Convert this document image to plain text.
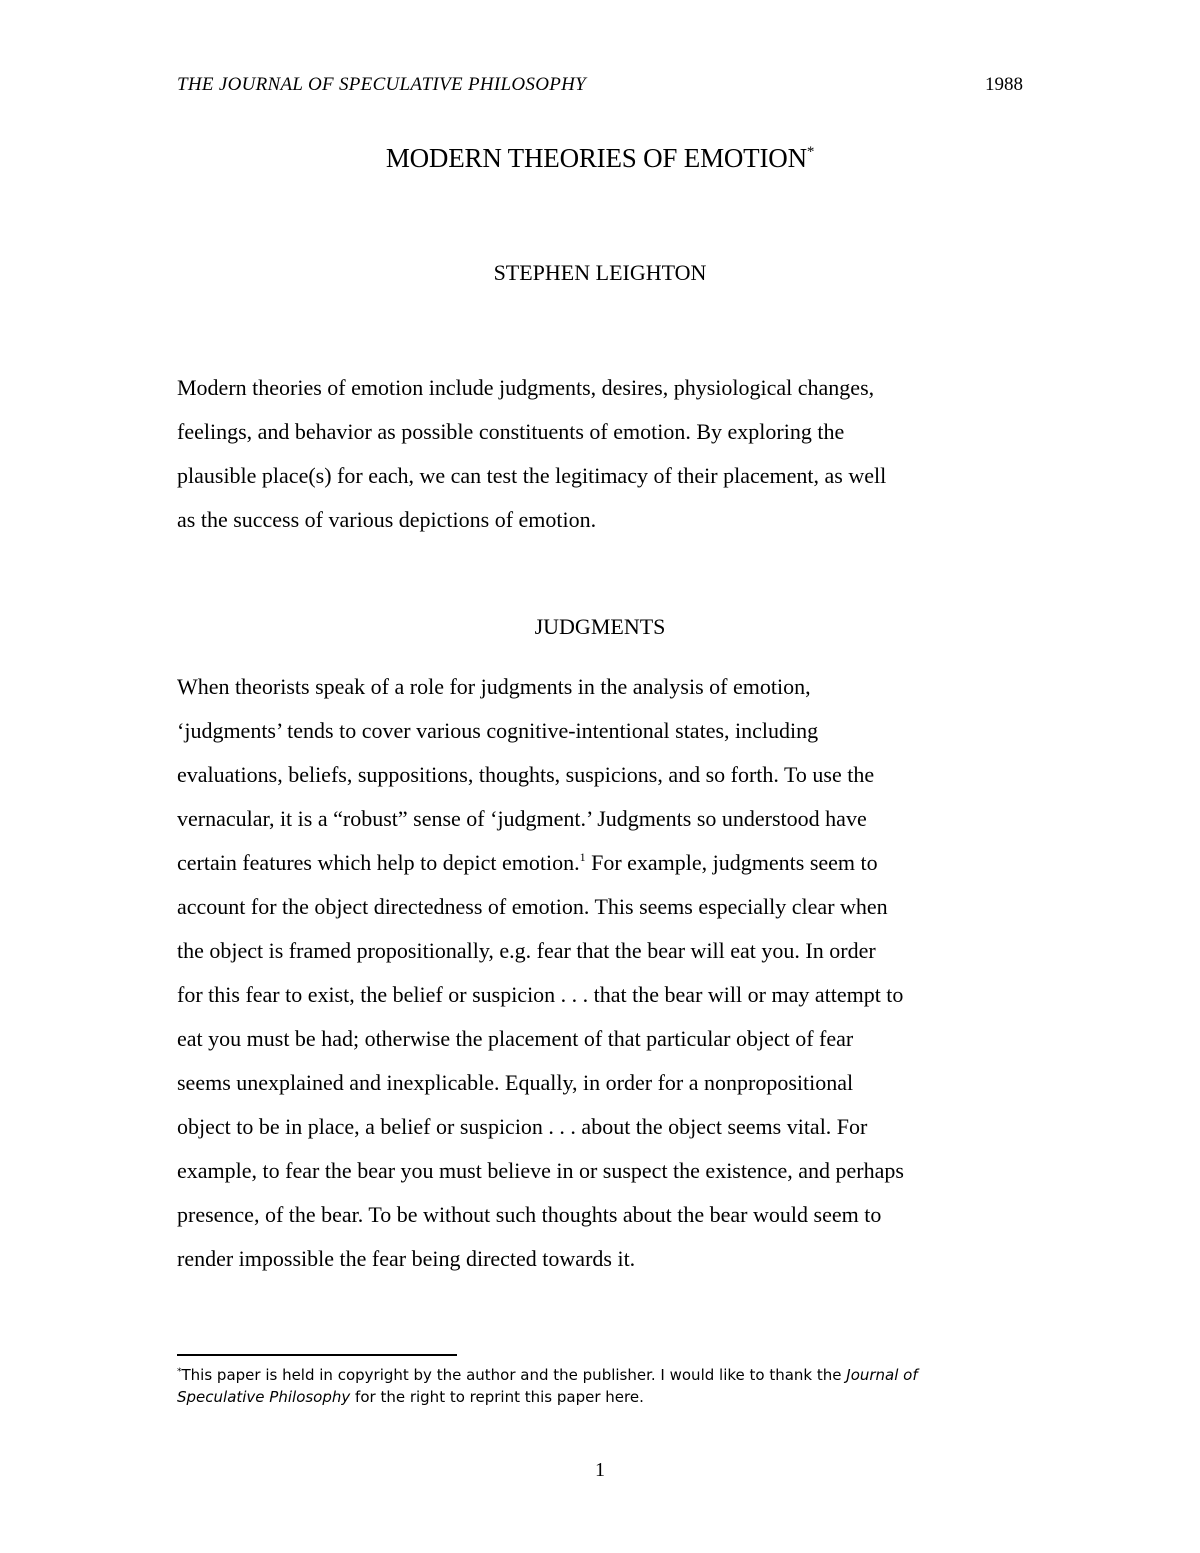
THE JOURNAL OF SPECULATIVE PHILOSOPHY	1988
MODERN THEORIES OF EMOTION*
STEPHEN LEIGHTON

Modern theories of emotion include judgments, desires, physiological changes,
feelings, and behavior as possible constituents of emotion. By exploring the
plausible place(s) for each, we can test the legitimacy of their placement, as well
as the success of various depictions of emotion.

JUDGMENTS

When theorists speak of a role for judgments in the analysis of emotion,
‘judgments’ tends to cover various cognitive-intentional states, including
evaluations, beliefs, suppositions, thoughts, suspicions, and so forth. To use the
vernacular, it is a “robust” sense of ‘judgment.’ Judgments so understood have
certain features which help to depict emotion.$^1$ For example, judgments seem to
account for the object directedness of emotion. This seems especially clear when
the object is framed propositionally, e.g. fear that the bear will eat you. In order
for this fear to exist, the belief or suspicion . . . that the bear will or may attempt to
eat you must be had; otherwise the placement of that particular object of fear
seems unexplained and inexplicable. Equally, in order for a nonpropositional
object to be in place, a belief or suspicion . . . about the object seems vital. For
example, to fear the bear you must believe in or suspect the existence, and perhaps
presence, of the bear. To be without such thoughts about the bear would seem to
render impossible the fear being directed towards it.

*This paper is held in copyright by the author and the publisher. I would like to thank the Journal of
Speculative Philosophy for the right to reprint this paper here.
1
